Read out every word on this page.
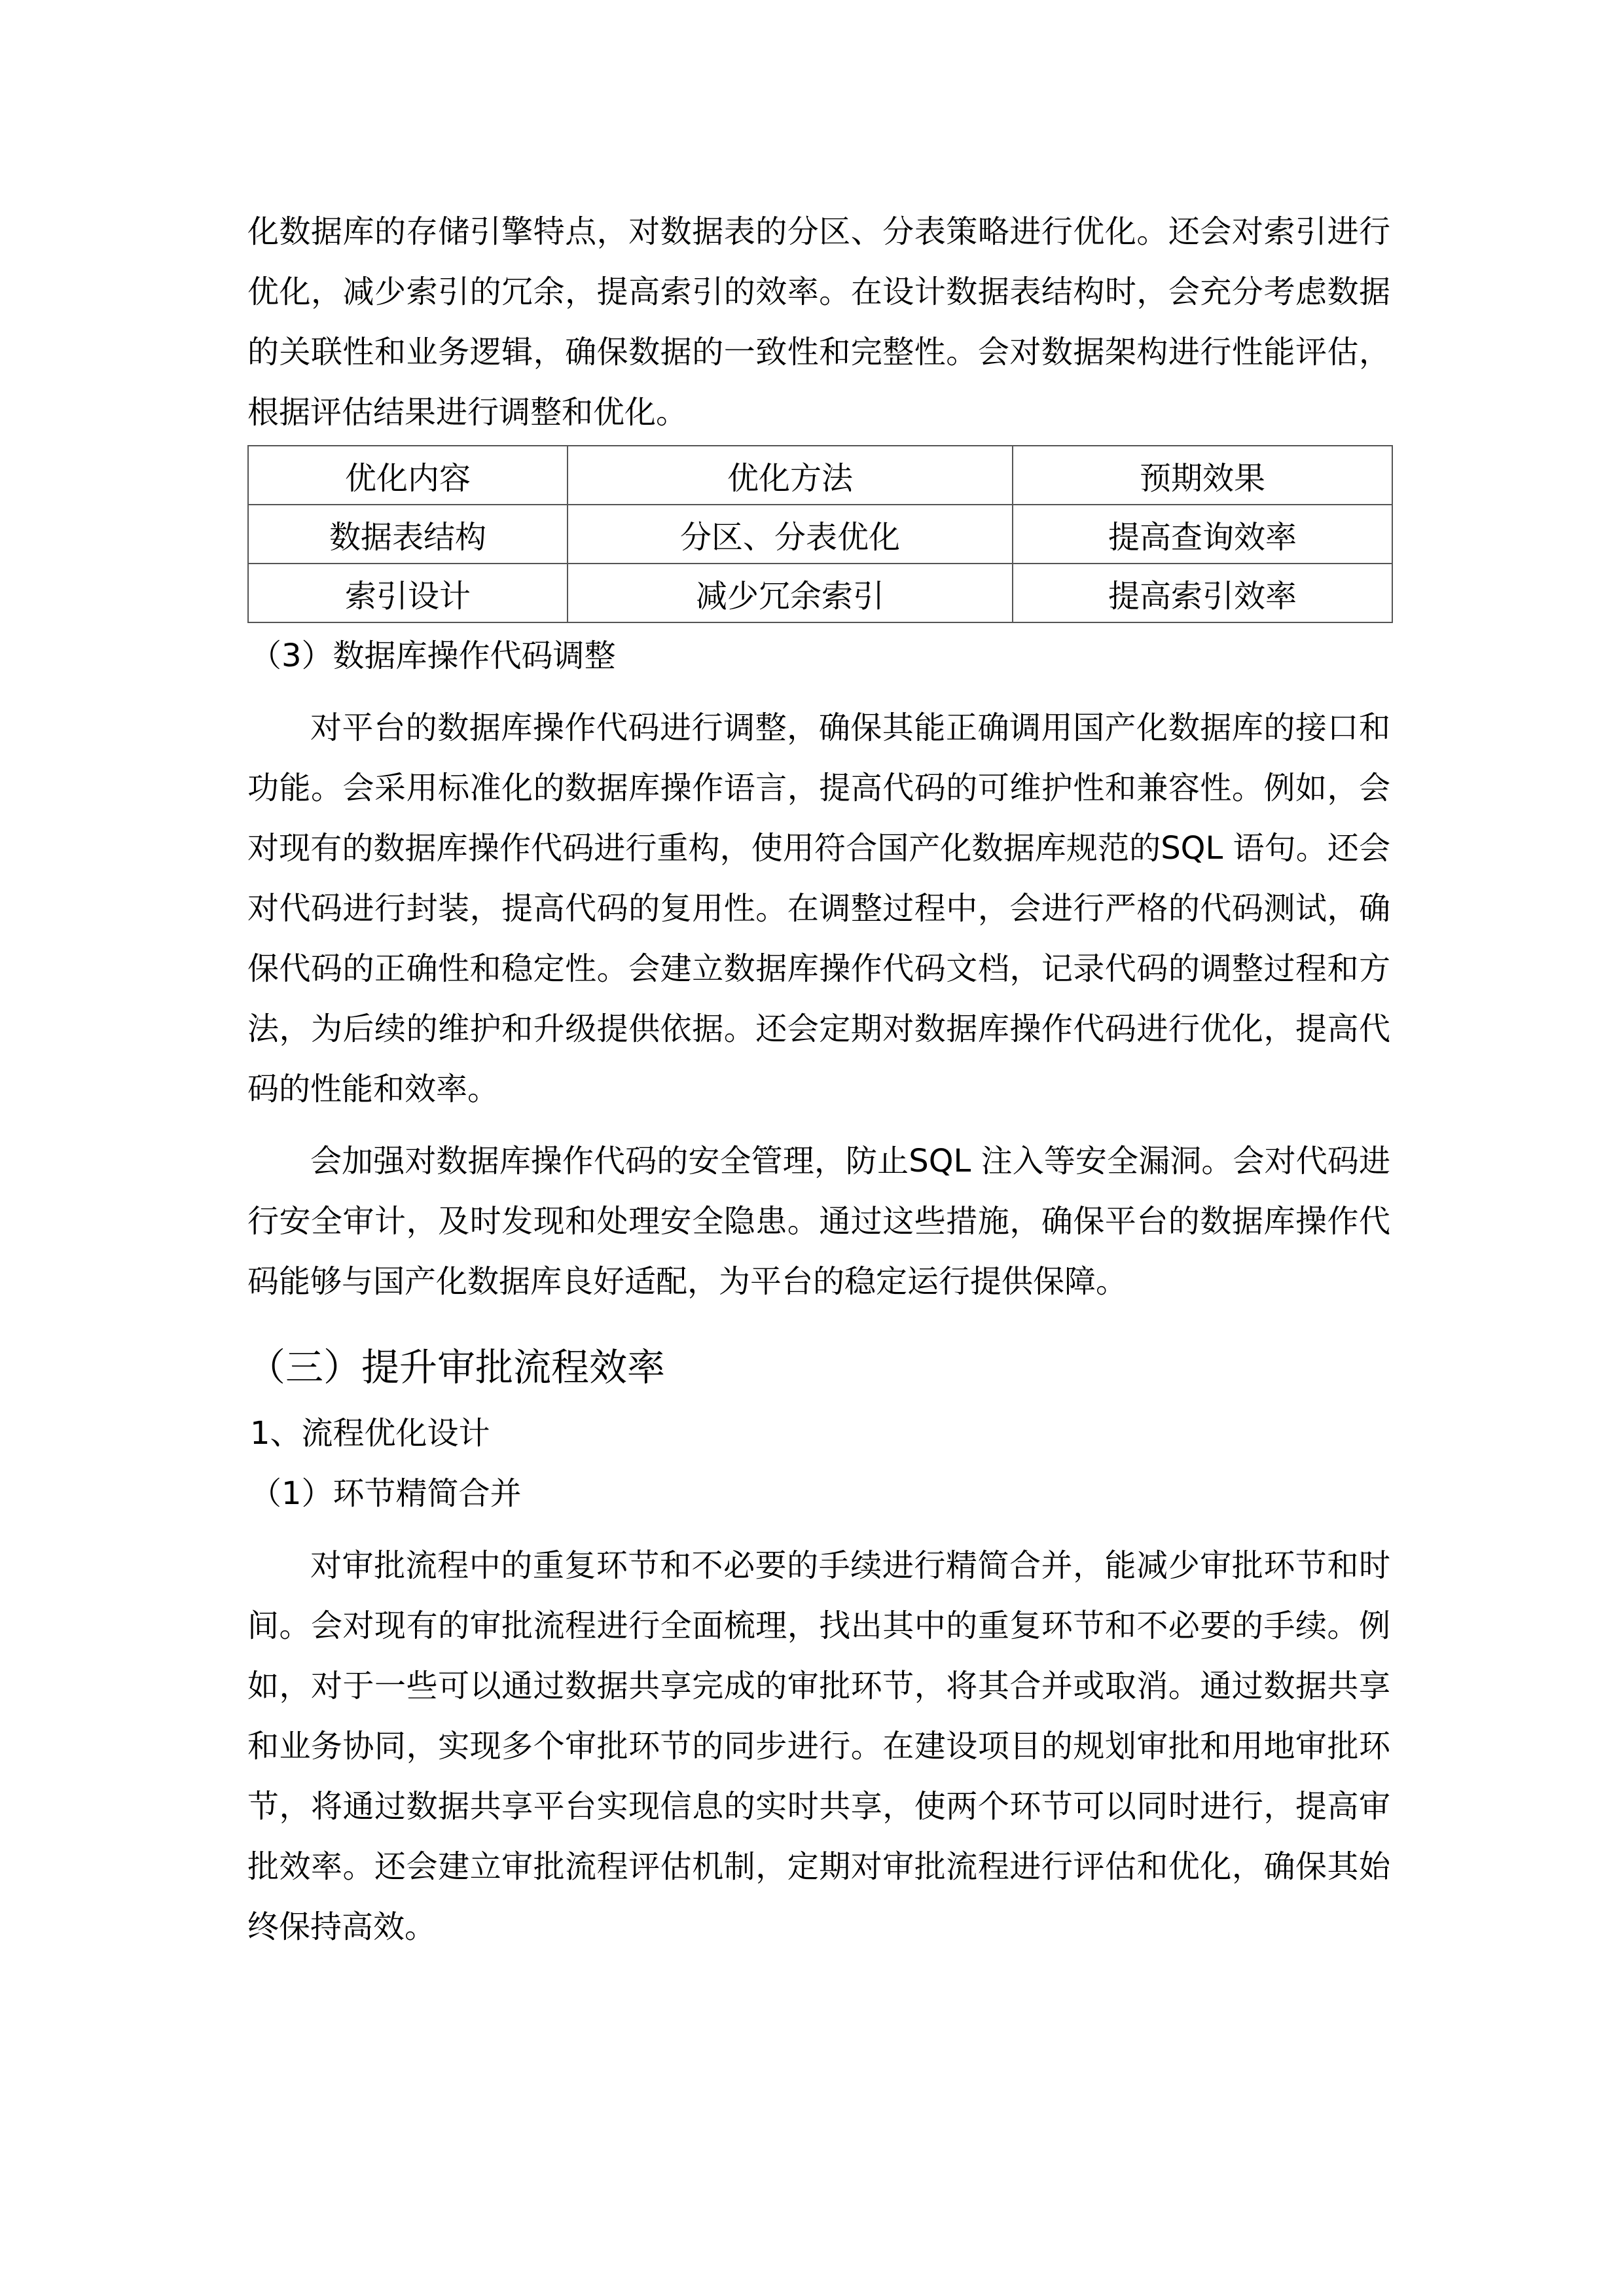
化数据库的存储引擎特点，对数据表的分区、分表策略进行优化。还会对索引进行优化，减少索引的冗余，提高索引的效率。在设计数据表结构时，会充分考虑数据的关联性和业务逻辑，确保数据的一致性和完整性。会对数据架构进行性能评估，根据评估结果进行调整和优化。

优化内容	优化方法	预期效果
数据表结构	分区、分表优化	提高查询效率
索引设计	减少冗余索引	提高索引效率

（3）数据库操作代码调整

对平台的数据库操作代码进行调整，确保其能正确调用国产化数据库的接口和功能。会采用标准化的数据库操作语言，提高代码的可维护性和兼容性。例如，会对现有的数据库操作代码进行重构，使用符合国产化数据库规范的SQL 语句。还会对代码进行封装，提高代码的复用性。在调整过程中，会进行严格的代码测试，确保代码的正确性和稳定性。会建立数据库操作代码文档，记录代码的调整过程和方法，为后续的维护和升级提供依据。还会定期对数据库操作代码进行优化，提高代码的性能和效率。

会加强对数据库操作代码的安全管理，防止SQL 注入等安全漏洞。会对代码进行安全审计，及时发现和处理安全隐患。通过这些措施，确保平台的数据库操作代码能够与国产化数据库良好适配，为平台的稳定运行提供保障。

（三）提升审批流程效率

1、流程优化设计

（1）环节精简合并

对审批流程中的重复环节和不必要的手续进行精简合并，能减少审批环节和时间。会对现有的审批流程进行全面梳理，找出其中的重复环节和不必要的手续。例如，对于一些可以通过数据共享完成的审批环节，将其合并或取消。通过数据共享和业务协同，实现多个审批环节的同步进行。在建设项目的规划审批和用地审批环节，将通过数据共享平台实现信息的实时共享，使两个环节可以同时进行，提高审批效率。还会建立审批流程评估机制，定期对审批流程进行评估和优化，确保其始终保持高效。
